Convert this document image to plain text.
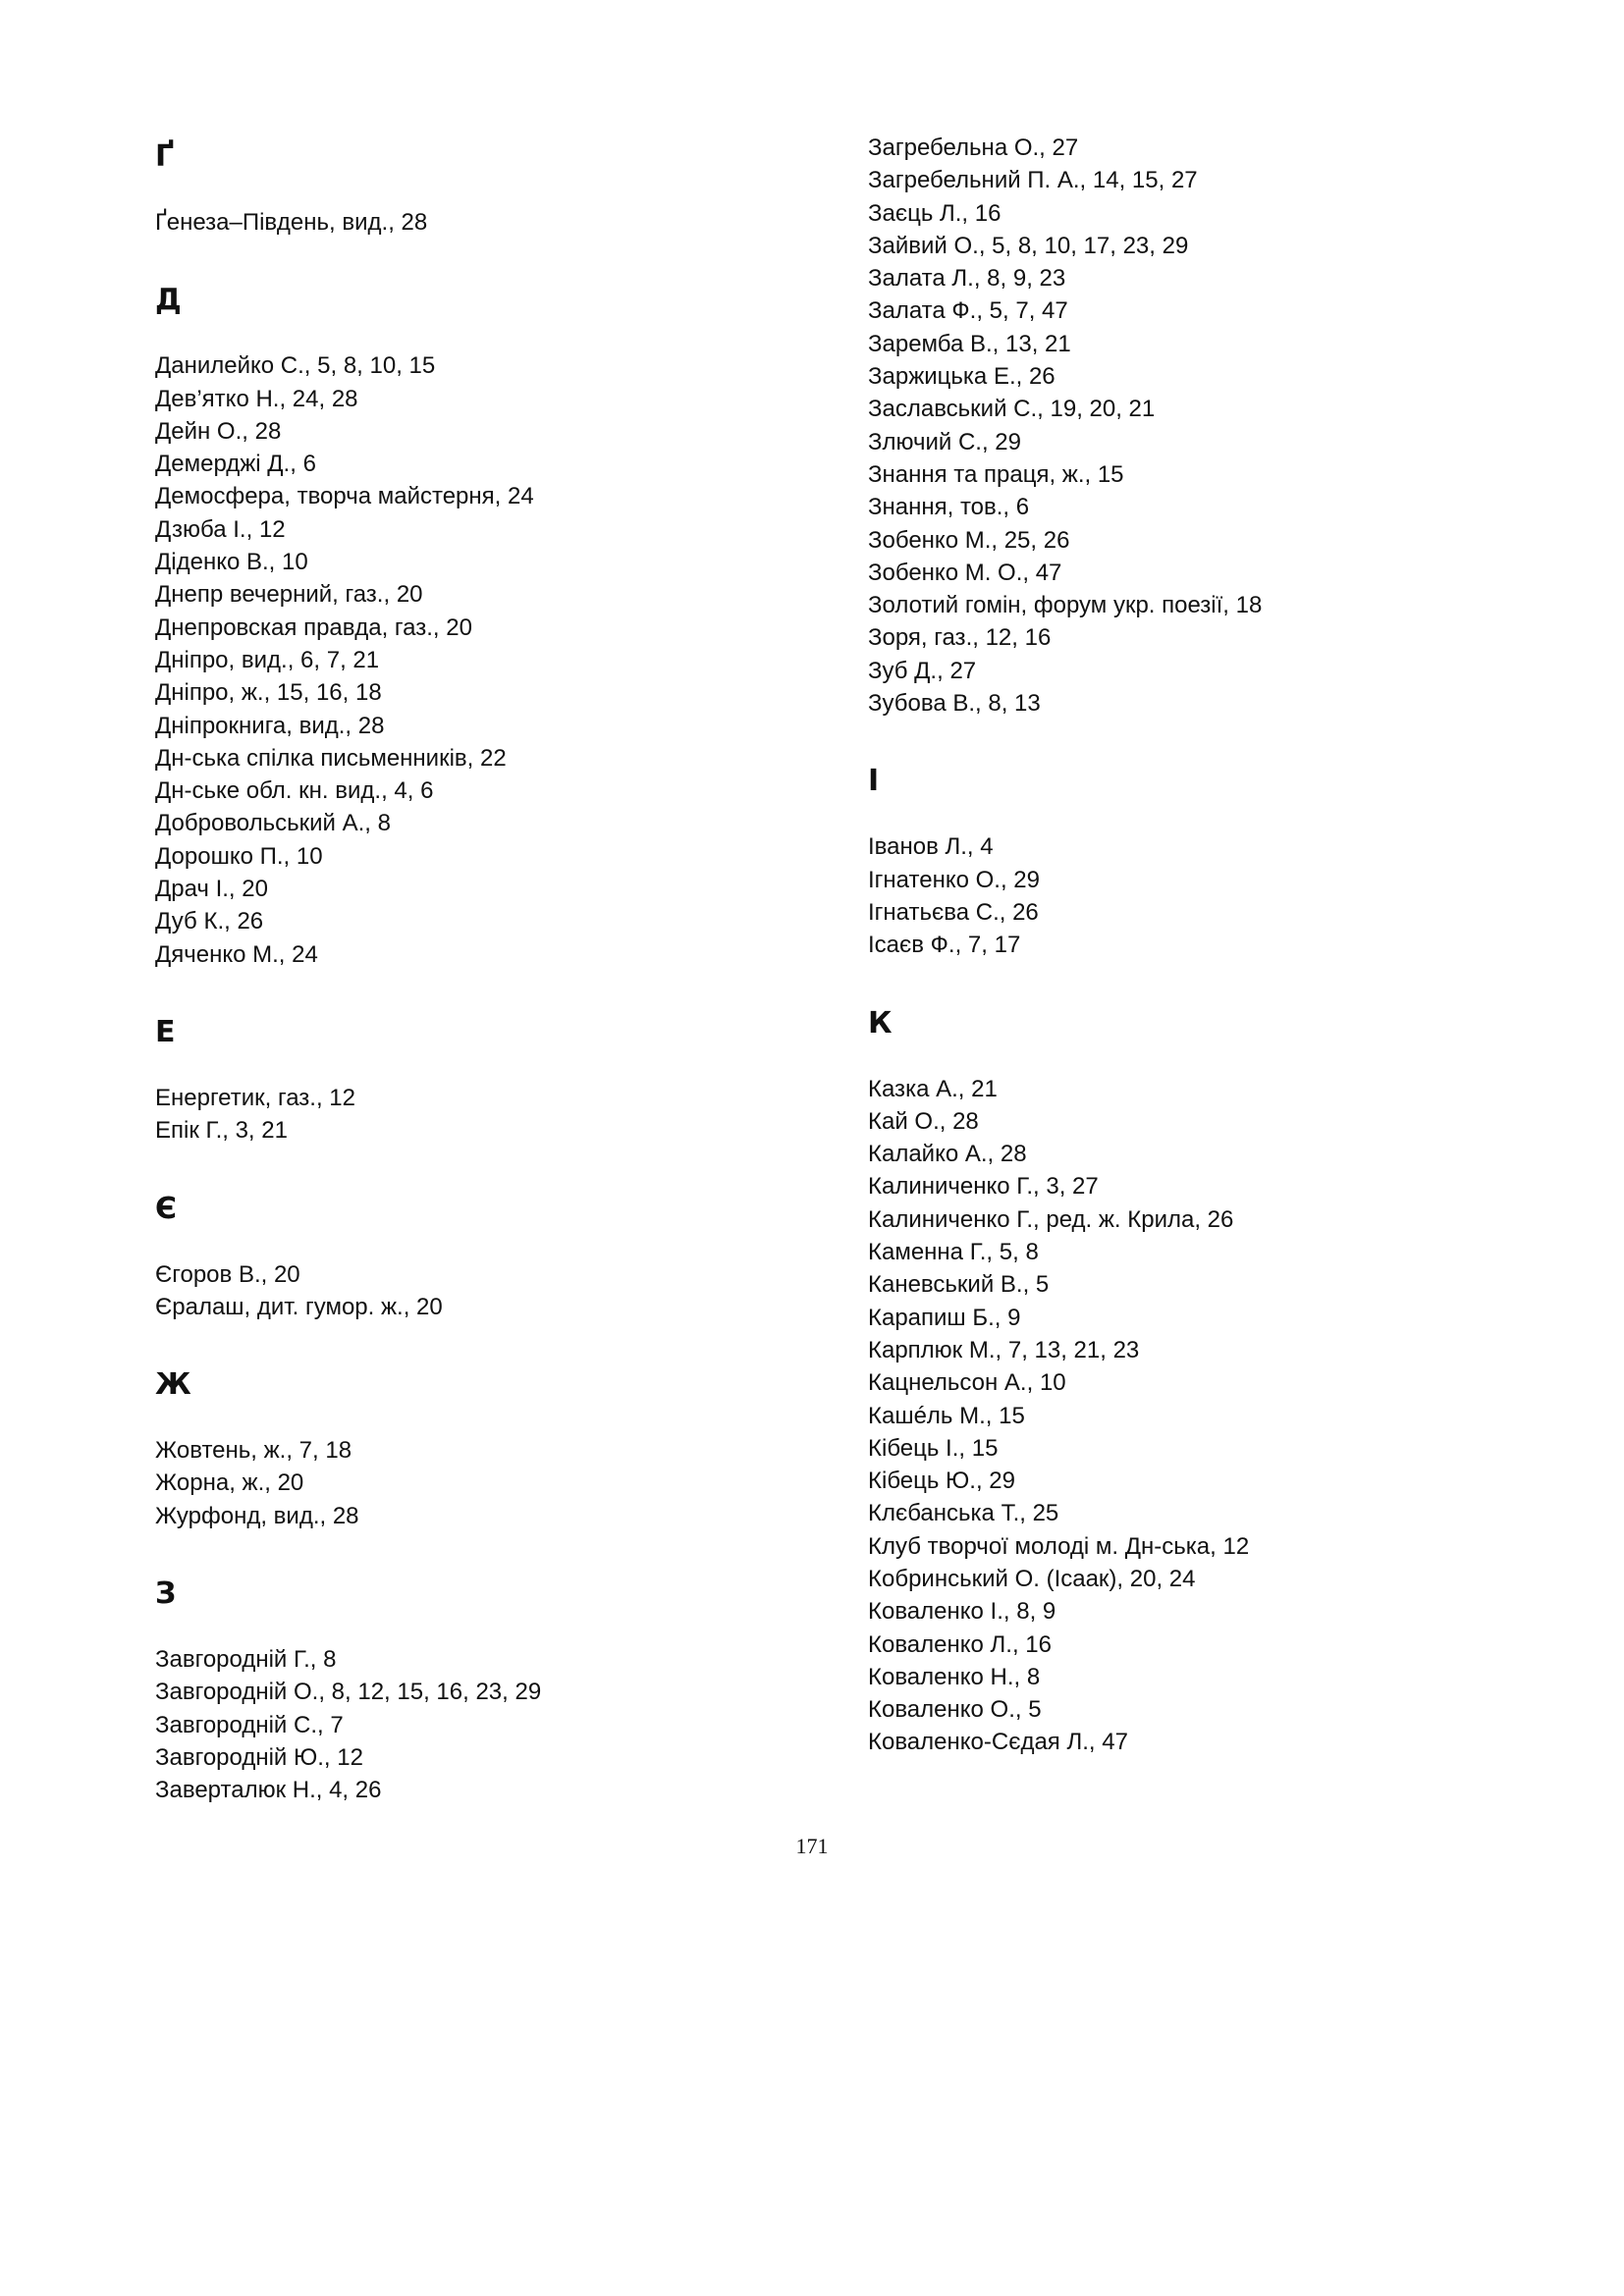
Ґ
Ґенеза–Південь, вид., 28
Д
Данилейко С., 5, 8, 10, 15
Дев’ятко Н., 24, 28
Дейн О., 28
Демерджі Д., 6
Демосфера, творча майстерня, 24
Дзюба І., 12
Діденко В., 10
Днепр вечерний, газ., 20
Днепровская правда, газ., 20
Дніпро, вид., 6, 7, 21
Дніпро, ж., 15, 16, 18
Дніпрокнига, вид., 28
Дн-ська спілка письменників, 22
Дн-ське обл. кн. вид., 4, 6
Добровольський А., 8
Дорошко П., 10
Драч І., 20
Дуб К., 26
Дяченко М., 24
Е
Енергетик, газ., 12
Епік Г., 3, 21
Є
Єгоров В., 20
Єралаш, дит. гумор. ж., 20
Ж
Жовтень, ж., 7, 18
Жорна, ж., 20
Журфонд, вид., 28
З
Завгородній Г., 8
Завгородній О., 8, 12, 15, 16, 23, 29
Завгородній С., 7
Завгородній Ю., 12
Заверталюк Н., 4, 26
Загребельна О., 27
Загребельний П. А., 14, 15, 27
Заєць Л., 16
Зайвий О., 5, 8, 10, 17, 23, 29
Залата Л., 8, 9, 23
Залата Ф., 5, 7, 47
Заремба В., 13, 21
Заржицька Е., 26
Заславський С., 19, 20, 21
Злючий С., 29
Знання та праця, ж., 15
Знання, тов., 6
Зобенко М., 25, 26
Зобенко М. О., 47
Золотий гомін, форум укр. поезії, 18
Зоря, газ., 12, 16
Зуб Д., 27
Зубова В., 8, 13
І
Іванов Л., 4
Ігнатенко О., 29
Ігнатьєва С., 26
Ісаєв Ф., 7, 17
К
Казка А., 21
Кай О., 28
Калайко А., 28
Калиниченко Г., 3, 27
Калиниченко Г., ред. ж. Крила, 26
Каменна Г., 5, 8
Каневський В., 5
Карапиш Б., 9
Карплюк М., 7, 13, 21, 23
Кацнельсон А., 10
Кашéль М., 15
Кібець І., 15
Кібець Ю., 29
Клєбанська Т., 25
Клуб творчої молоді м. Дн-ська, 12
Кобринський О. (Ісаак), 20, 24
Коваленко І., 8, 9
Коваленко Л., 16
Коваленко Н., 8
Коваленко О., 5
Коваленко-Сєдая Л., 47
171
